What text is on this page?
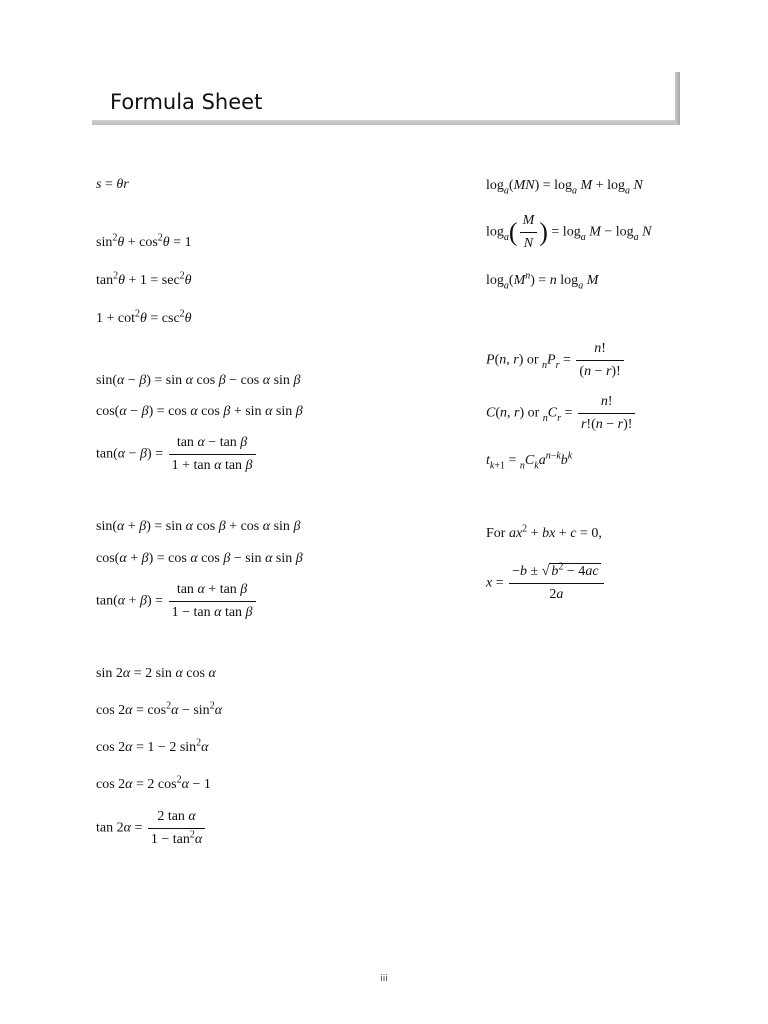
Formula Sheet
s = θr
$\sin^2\theta + \cos^2\theta = 1$
$\tan^2\theta + 1 = \sec^2\theta$
$1 + \cot^2\theta = \csc^2\theta$
sin(α − β) = sin α cos β − cos α sin β
cos(α − β) = cos α cos β + sin α sin β
$\tan(\alpha - \beta) = \frac{\text{tan α − tan β}}{\text{1 + tan α tan β}}$
sin(α + β) = sin α cos β + cos α sin β
cos(α + β) = cos α cos β − sin α sin β
$\tan(\alpha + \beta) = \frac{\text{tan α + tan β}}{\text{1 − tan α tan β}}$
sin 2α = 2 sin α cos α
$\cos 2\alpha = \cos^2\alpha - \sin^2\alpha$
cos 2α = 1 − 2 $\sin^2\alpha$
cos 2α = 2 $\cos^2\alpha - 1$
$\tan 2\alpha = \frac{\text{2 tan α}}{1 - \tan^2\alpha}$
$\log_a(MN) = \log_a M + \log_a N$
$\log_a( \frac{M}{N}$ ) = $\log_a M - \log_a N$
$\log_a(M^n) = n$ $\log_a M$
P(n, r) or $_nP_r = \frac{n!}{(n - r)!}$
C(n, r) or $_nC_r = \frac{n!}{r!(n - r)!}$
$t_{k+1} = _nC_ka^{n-k}b^k$
For $ax^2$ + bx + c = 0,
$x = \frac{-b \pm √ b^2 - 4ac}{2a}$
iii
